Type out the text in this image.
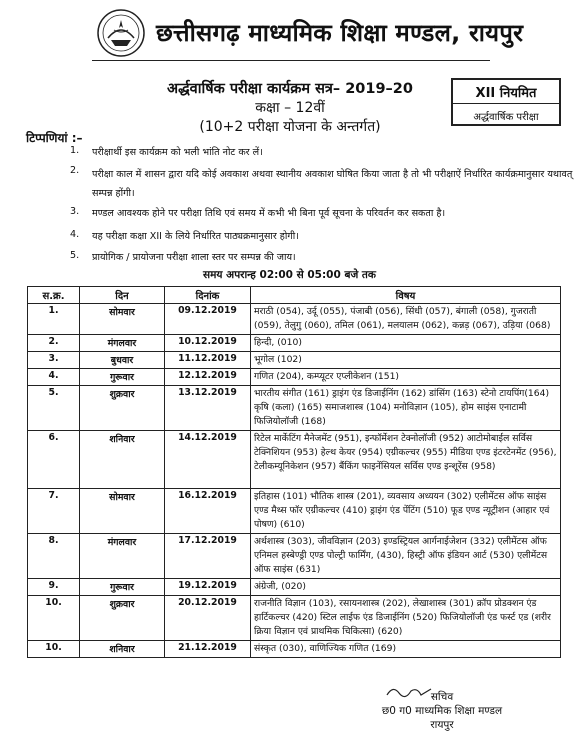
छत्तीसगढ़ माध्यमिक शिक्षा मण्डल, रायपुर
अर्द्धवार्षिक परीक्षा कार्यक्रम सत्र– 2019–20
कक्षा – 12वीं
(10+2 परीक्षा योजना के अन्तर्गत)
XII नियमित
अर्द्धवार्षिक परीक्षा
टिप्पणियां :–
1. परीक्षार्थी इस कार्यक्रम को भली भांति नोट कर लें।
2. परीक्षा काल में शासन द्वारा यदि कोई अवकाश अथवा स्थानीय अवकाश घोषित किया जाता है तो भी परीक्षाऐं निर्धारित कार्यक्रमानुसार यथावत् सम्पन्न होंगी।
3. मण्डल आवश्यक होने पर परीक्षा तिथि एवं समय में कभी भी बिना पूर्व सूचना के परिवर्तन कर सकता है।
4. यह परीक्षा कक्षा XII के लिये निर्धारित पाठ्यक्रमानुसार होगी।
5. प्रायोगिक / प्रायोजना परीक्षा शाला स्तर पर सम्पन्न की जाय।
समय अपरान्ह 02:00 से 05:00 बजे तक
स.क्र.	दिन	दिनांक	विषय
1.	सोमवार	09.12.2019	मराठी (054), उर्दू (055), पंजाबी (056), सिंधी (057), बंगाली (058), गुजराती (059), तेलुगु (060), तमिल (061), मलयालम (062), कन्नड़ (067), उड़िया (068)
2.	मंगलवार	10.12.2019	हिन्दी, (010)
3.	बुधवार	11.12.2019	भूगोल (102)
4.	गुरूवार	12.12.2019	गणित (204), कम्प्यूटर एप्लीकेशन (151)
5.	शुक्रवार	13.12.2019	भारतीय संगीत (161) ड्राइंग एंड डिजाईनिंग (162) डांसिंग (163) स्टेनो टायपिंग(164) कृषि (कला) (165) समाजशास्त्र (104) मनोविज्ञान (105), होम साइंस एनाटामी फिजियोलॉजी (168)
6.	शनिवार	14.12.2019	रिटेल मार्केटिंग मैनेजमेंट (951), इन्फॉर्मेशन टेक्नोलॉजी (952) आटोमोबाईल सर्विस टेक्निशियन (953) हेल्थ केयर (954) एग्रीकल्चर (955) मीडिया एण्ड इंटरटेनमेंट (956), टेलीकम्यूनिकेशन (957) बैंकिंग फाइनेंसियल सर्विस एण्ड इन्शूरेंस (958)
7.	सोमवार	16.12.2019	इतिहास (101) भौतिक शास्त्र (201), व्यवसाय अध्ययन (302) एलीमेंटस ऑफ साइंस एण्ड मैथ्स फॉर एग्रीकल्चर (410) ड्राइंग एंड पेंटिंग (510) फूड एण्ड न्यूट्रीशन (आहार एवं पोषण) (610)
8.	मंगलवार	17.12.2019	अर्थशास्त्र (303), जीवविज्ञान (203) इण्डस्ट्रियल आर्गनाईजेशन (332) एलीमेंटस ऑफ एनिमल हस्बेण्ड्री एण्ड पोल्ट्री फार्मिंग, (430), हिस्ट्री ऑफ इंडियन आर्ट (530) एलीमेंटस ऑफ साइंस (631)
9.	गुरूवार	19.12.2019	अंग्रेजी, (020)
10.	शुक्रवार	20.12.2019	राजनीति विज्ञान (103), रसायनशास्त्र (202), लेखाशास्त्र (301) क्रॉप प्रोडक्शन एंड हार्टिकल्चर (420) स्टिल लाईफ एंड डिजाईनिंग (520) फिजियोलॉजी एंड फर्स्ट एड (शरीर क्रिया विज्ञान एवं प्राथमिक चिकित्सा) (620)
10.	शनिवार	21.12.2019	संस्कृत (030), वाणिज्यिक गणित (169)
सचिव
छ0 ग0 माध्यमिक शिक्षा मण्डल
रायपुर
